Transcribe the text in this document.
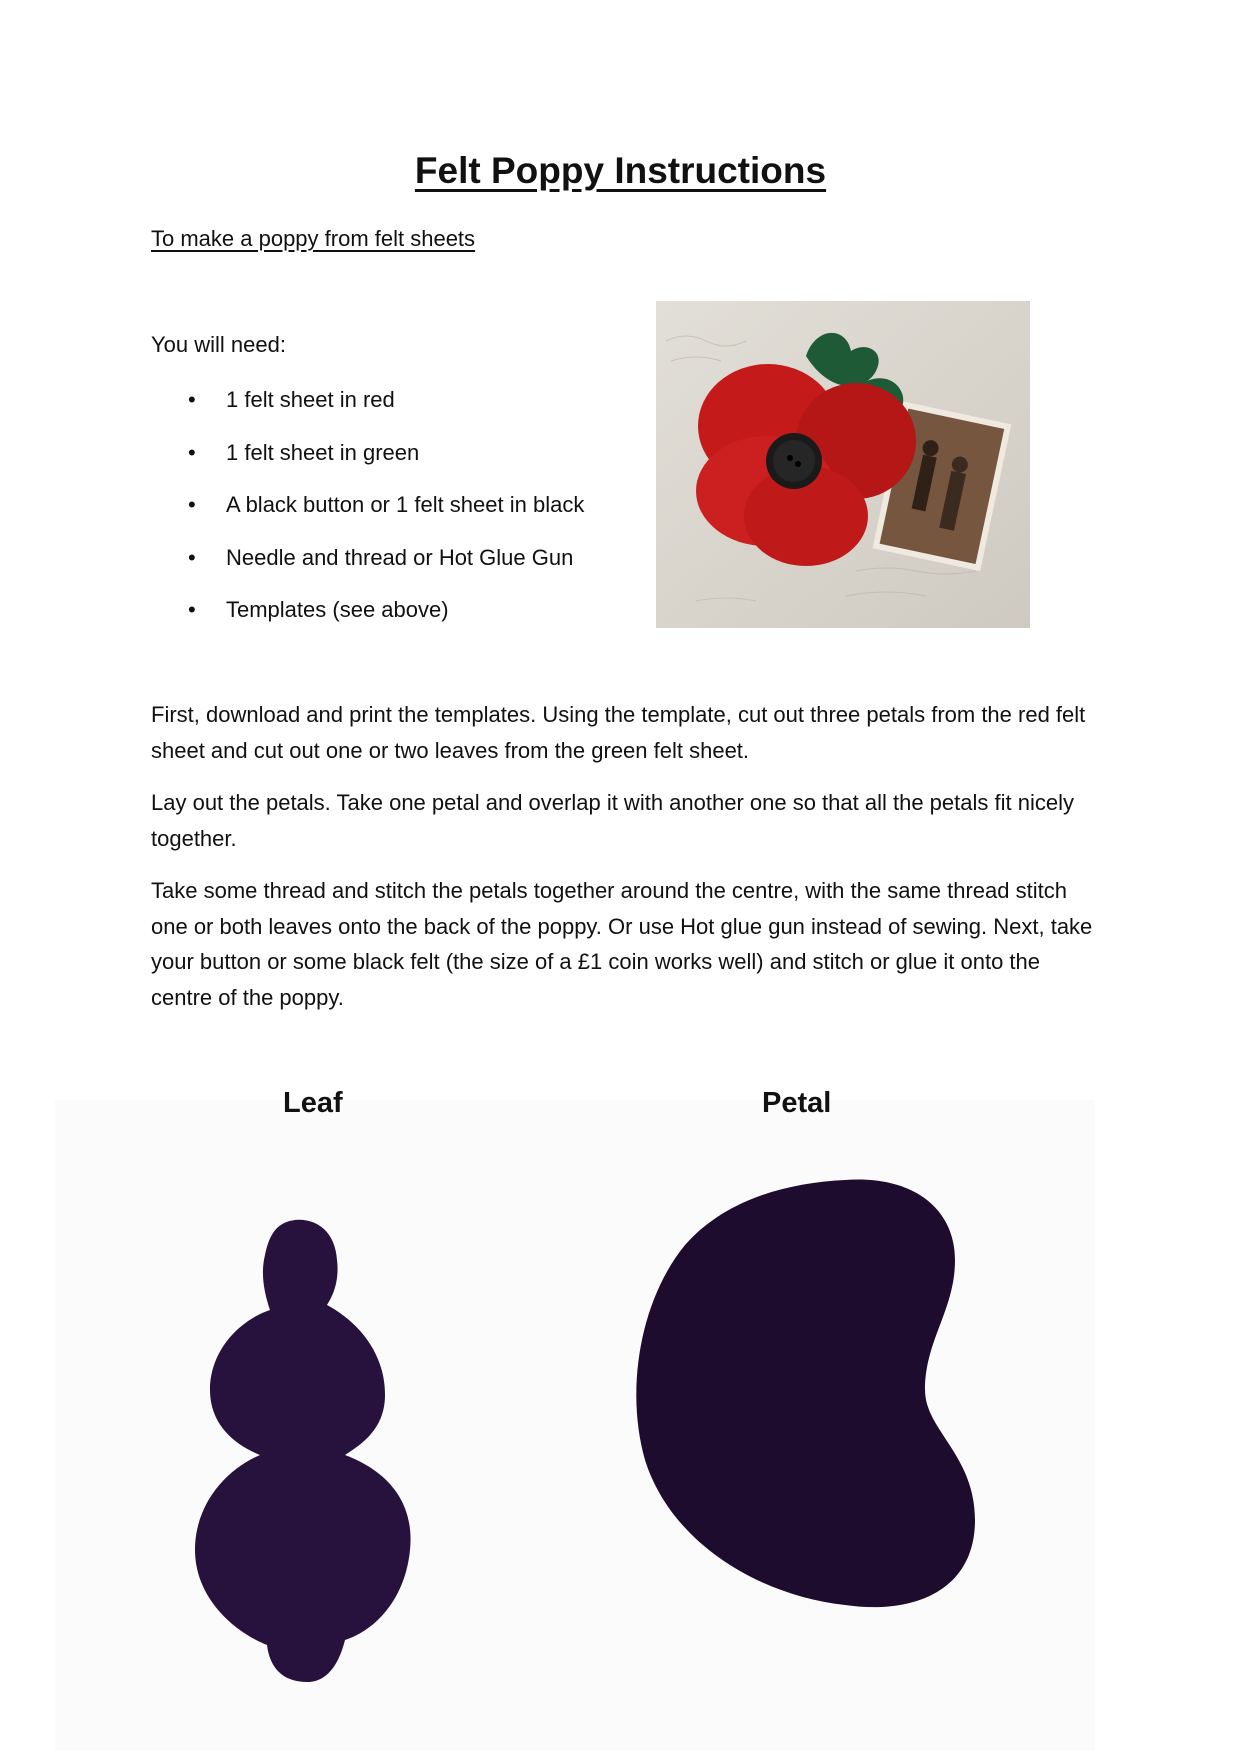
Felt Poppy Instructions
To make a poppy from felt sheets
You will need:
• 1 felt sheet in red
• 1 felt sheet in green
• A black button or 1 felt sheet in black
• Needle and thread or Hot Glue Gun
• Templates (see above)

First, download and print the templates. Using the template, cut out three petals from the red felt sheet and cut out one or two leaves from the green felt sheet.

Lay out the petals. Take one petal and overlap it with another one so that all the petals fit nicely together.

Take some thread and stitch the petals together around the centre, with the same thread stitch one or both leaves onto the back of the poppy. Or use Hot glue gun instead of sewing. Next, take your button or some black felt (the size of a £1 coin works well) and stitch or glue it onto the centre of the poppy.

Leaf	Petal
